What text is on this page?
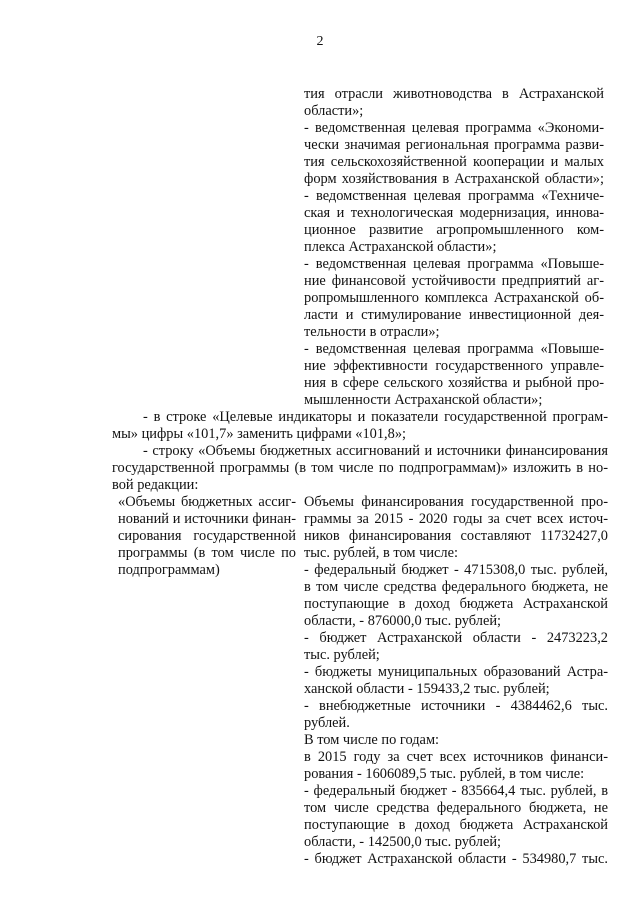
2
тия отрасли животноводства в Астраханской
области»;
- ведомственная целевая программа «Экономи-
чески значимая региональная программа разви-
тия сельскохозяйственной кооперации и малых
форм хозяйствования в Астраханской области»;
- ведомственная целевая программа «Техниче-
ская и технологическая модернизация, иннова-
ционное развитие агропромышленного ком-
плекса Астраханской области»;
- ведомственная целевая программа «Повыше-
ние финансовой устойчивости предприятий аг-
ропромышленного комплекса Астраханской об-
ласти и стимулирование инвестиционной дея-
тельности в отрасли»;
- ведомственная целевая программа «Повыше-
ние эффективности государственного управле-
ния в сфере сельского хозяйства и рыбной про-
мышленности Астраханской области»;
- в строке «Целевые индикаторы и показатели государственной програм-
мы» цифры «101,7» заменить цифрами «101,8»;
- строку «Объемы бюджетных ассигнований и источники финансирования
государственной программы (в том числе по подпрограммам)» изложить в но-
вой редакции:
«Объемы бюджетных ассиг-
нований и источники финан-
сирования государственной
программы (в том числе по
подпрограммам)
Объемы финансирования государственной про-
граммы за 2015 - 2020 годы за счет всех источ-
ников финансирования составляют 11732427,0
тыс. рублей, в том числе:
- федеральный бюджет - 4715308,0 тыс. рублей,
в том числе средства федерального бюджета, не
поступающие в доход бюджета Астраханской
области, - 876000,0 тыс. рублей;
- бюджет Астраханской области - 2473223,2
тыс. рублей;
- бюджеты муниципальных образований Астра-
ханской области - 159433,2 тыс. рублей;
- внебюджетные источники - 4384462,6 тыс.
рублей.
В том числе по годам:
в 2015 году за счет всех источников финанси-
рования - 1606089,5 тыс. рублей, в том числе:
- федеральный бюджет - 835664,4 тыс. рублей, в
том числе средства федерального бюджета, не
поступающие в доход бюджета Астраханской
области, - 142500,0 тыс. рублей;
- бюджет Астраханской области - 534980,7 тыс.
